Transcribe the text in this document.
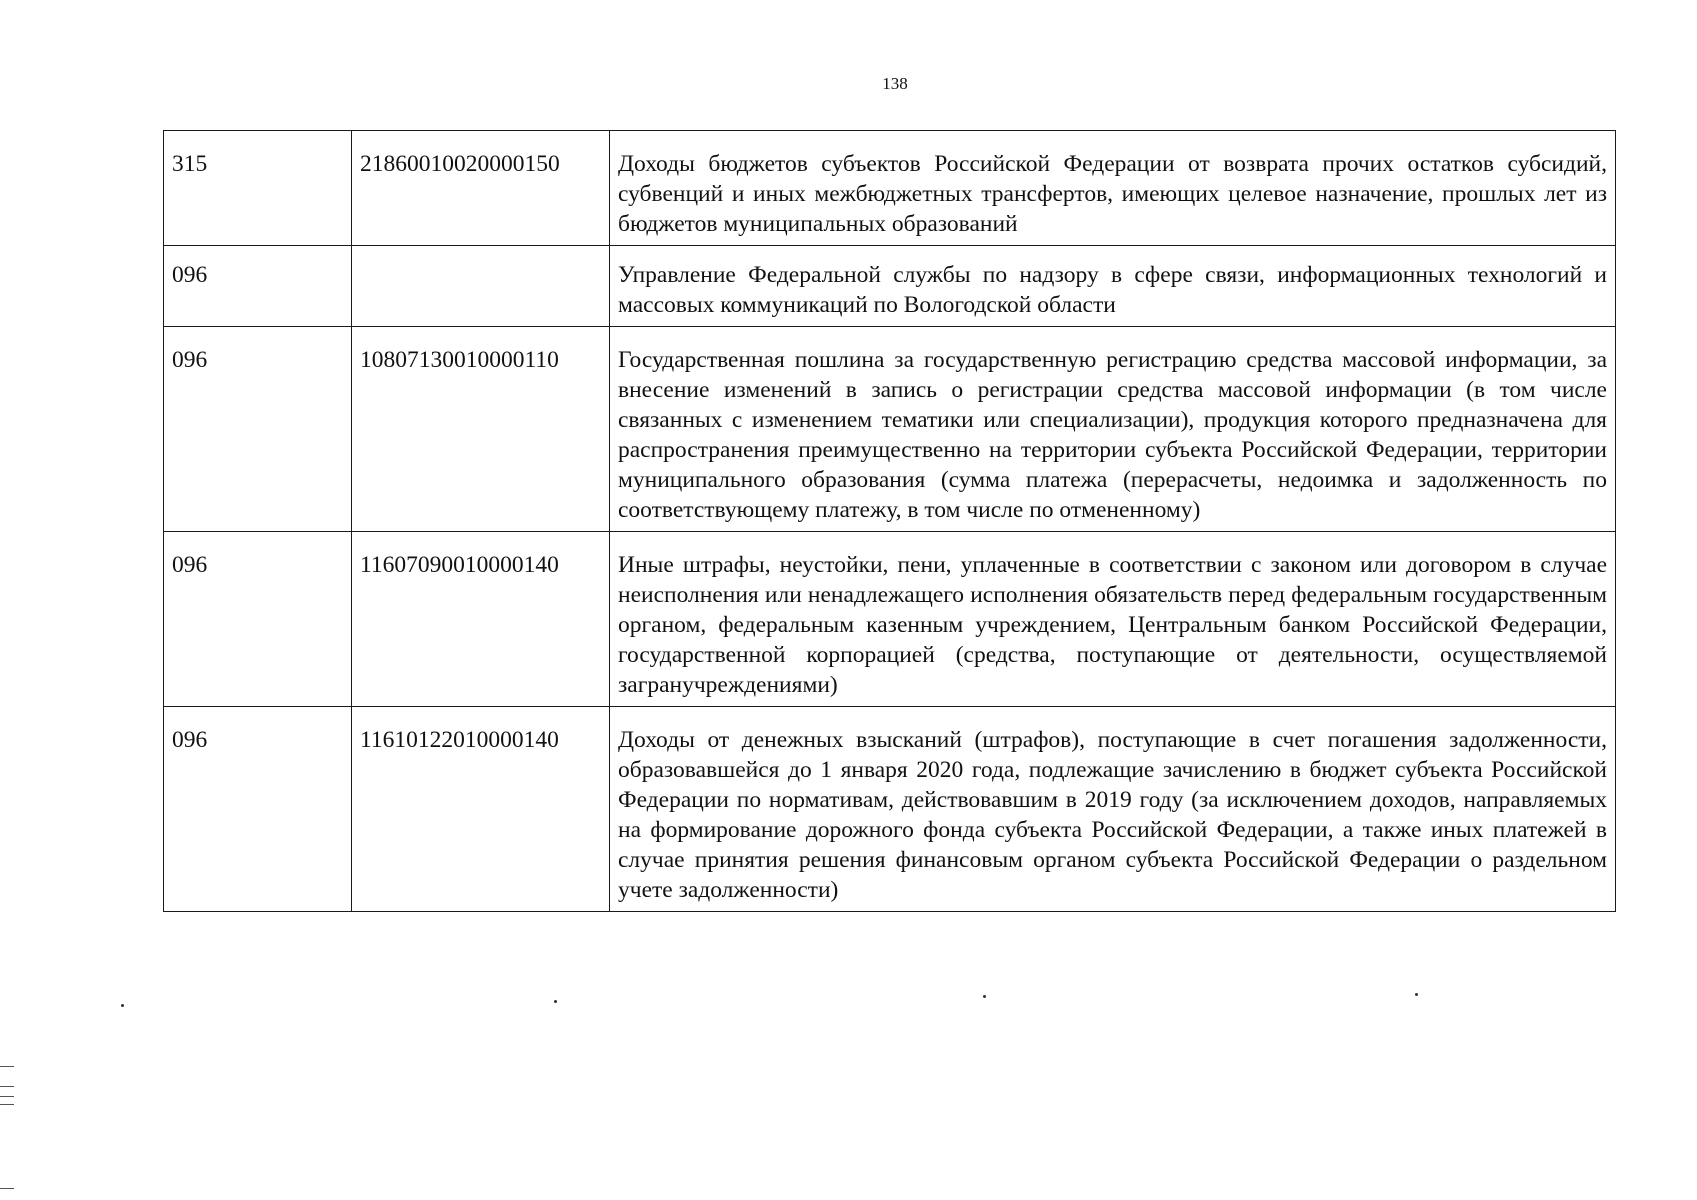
138
315	21860010020000150	Доходы бюджетов субъектов Российской Федерации от возврата прочих остатков субсидий, субвенций и иных межбюджетных трансфертов, имеющих целевое назначение, прошлых лет из бюджетов муниципальных образований
096		Управление Федеральной службы по надзору в сфере связи, информационных технологий и массовых коммуникаций по Вологодской области
096	10807130010000110	Государственная пошлина за государственную регистрацию средства массовой информации, за внесение изменений в запись о регистрации средства массовой информации (в том числе связанных с изменением тематики или специализации), продукция которого предназначена для распространения преимущественно на территории субъекта Российской Федерации, территории муниципального образования (сумма платежа (перерасчеты, недоимка и задолженность по соответствующему платежу, в том числе по отмененному)
096	11607090010000140	Иные штрафы, неустойки, пени, уплаченные в соответствии с законом или договором в случае неисполнения или ненадлежащего исполнения обязательств перед федеральным государственным органом, федеральным казенным учреждением, Центральным банком Российской Федерации, государственной корпорацией (средства, поступающие от деятельности, осуществляемой загранучреждениями)
096	11610122010000140	Доходы от денежных взысканий (штрафов), поступающие в счет погашения задолженности, образовавшейся до 1 января 2020 года, подлежащие зачислению в бюджет субъекта Российской Федерации по нормативам, действовавшим в 2019 году (за исключением доходов, направляемых на формирование дорожного фонда субъекта Российской Федерации, а также иных платежей в случае принятия решения финансовым органом субъекта Российской Федерации о раздельном учете задолженности)
